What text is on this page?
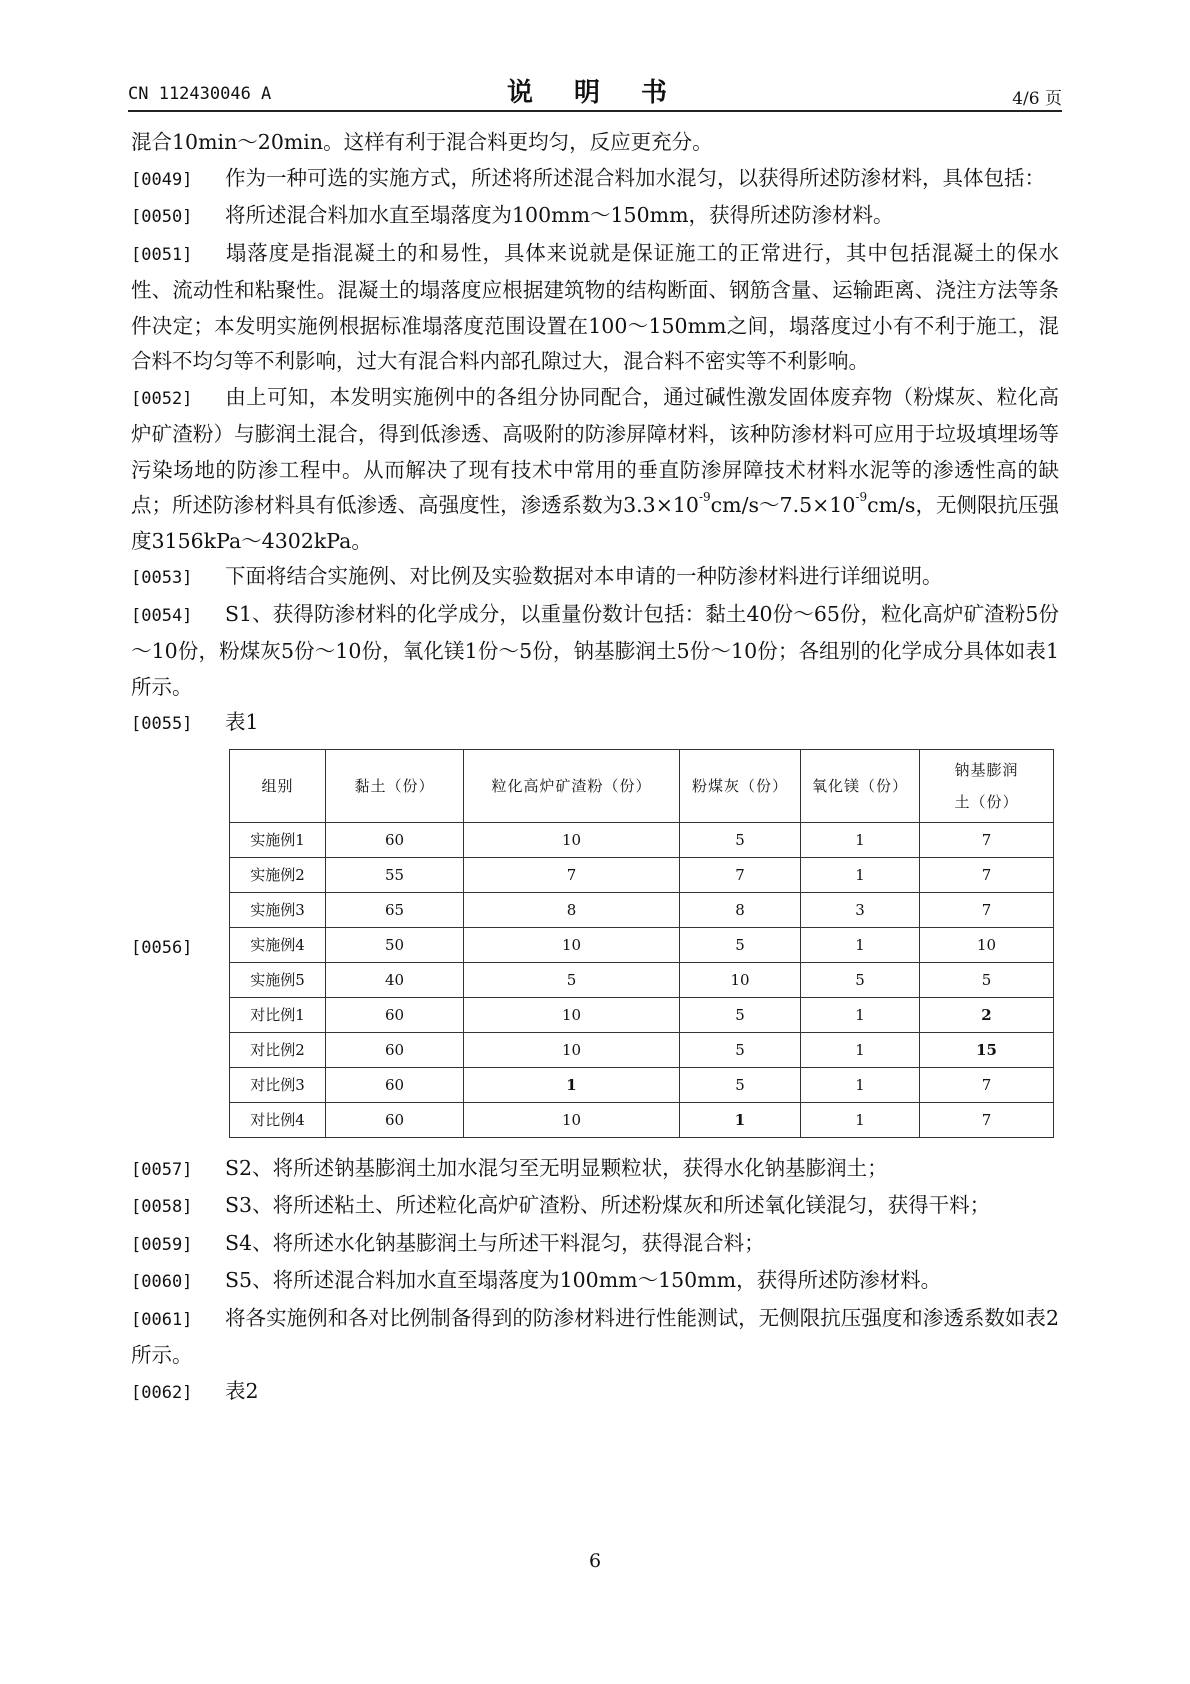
CN 112430046 A	说 明 书	4/6 页

混合10min～20min。这样有利于混合料更均匀，反应更充分。

[0049] 作为一种可选的实施方式，所述将所述混合料加水混匀，以获得所述防渗材料，具体包括：

[0050] 将所述混合料加水直至塌落度为100mm～150mm，获得所述防渗材料。

[0051] 塌落度是指混凝土的和易性，具体来说就是保证施工的正常进行，其中包括混凝土的保水性、流动性和粘聚性。混凝土的塌落度应根据建筑物的结构断面、钢筋含量、运输距离、浇注方法等条件决定；本发明实施例根据标准塌落度范围设置在100～150mm之间，塌落度过小有不利于施工，混合料不均匀等不利影响，过大有混合料内部孔隙过大，混合料不密实等不利影响。

[0052] 由上可知，本发明实施例中的各组分协同配合，通过碱性激发固体废弃物（粉煤灰、粒化高炉矿渣粉）与膨润土混合，得到低渗透、高吸附的防渗屏障材料，该种防渗材料可应用于垃圾填埋场等污染场地的防渗工程中。从而解决了现有技术中常用的垂直防渗屏障技术材料水泥等的渗透性高的缺点；所述防渗材料具有低渗透、高强度性，渗透系数为$3.3\times 10^{-9}cm/s\sim 7.5\times 10^{-9}cm/s$，无侧限抗压强度3156kPa～4302kPa。

[0053] 下面将结合实施例、对比例及实验数据对本申请的一种防渗材料进行详细说明。

[0054] S1、获得防渗材料的化学成分，以重量份数计包括：黏土40份～65份，粒化高炉矿渣粉5份～10份，粉煤灰5份～10份，氧化镁1份～5份，钠基膨润土5份～10份；各组别的化学成分具体如表1所示。

[0055] 表1

[0056]
组别	黏土（份）	粒化高炉矿渣粉（份）	粉煤灰（份）	氧化镁（份）	钠基膨润土（份）
实施例1	60	10	5	1	7
实施例2	55	7	7	1	7
实施例3	65	8	8	3	7
实施例4	50	10	5	1	10
实施例5	40	5	10	5	5
对比例1	60	10	5	1	2
对比例2	60	10	5	1	15
对比例3	60	1	5	1	7
对比例4	60	10	1	1	7

[0057] S2、将所述钠基膨润土加水混匀至无明显颗粒状，获得水化钠基膨润土；

[0058] S3、将所述粘土、所述粒化高炉矿渣粉、所述粉煤灰和所述氧化镁混匀，获得干料；

[0059] S4、将所述水化钠基膨润土与所述干料混匀，获得混合料；

[0060] S5、将所述混合料加水直至塌落度为100mm～150mm，获得所述防渗材料。

[0061] 将各实施例和各对比例制备得到的防渗材料进行性能测试，无侧限抗压强度和渗透系数如表2所示。

[0062] 表2

6
